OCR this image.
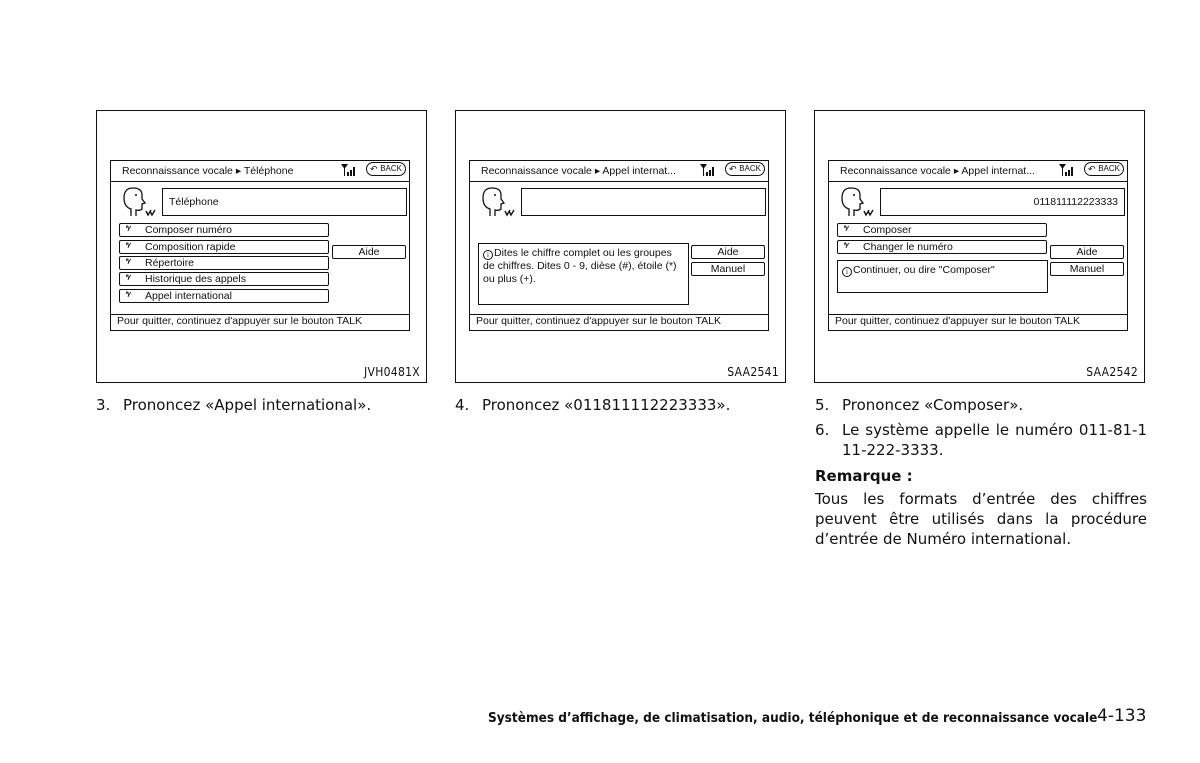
Reconnaissance vocale ▸ Téléphone	↶ BACK
Téléphone
‘ᵞ Composer numéro
‘ᵞ Composition rapide
‘ᵞ Répertoire
‘ᵞ Historique des appels
‘ᵞ Appel international
Aide
Pour quitter, continuez d'appuyer sur le bouton TALK
JVH0481X
Reconnaissance vocale ▸ Appel internat...	↶ BACK
i Dites le chiffre complet ou les groupes de chiffres. Dites 0 - 9, dièse (#), étoile (*) ou plus (+).
Aide
Manuel
Pour quitter, continuez d'appuyer sur le bouton TALK
SAA2541
Reconnaissance vocale ▸ Appel internat...	↶ BACK
011811112223333
‘ᵞ Composer
‘ᵞ Changer le numéro
i Continuer, ou dire "Composer"
Aide
Manuel
Pour quitter, continuez d'appuyer sur le bouton TALK
SAA2542
3. Prononcez «Appel international».	4. Prononcez «011811112223333».	5. Prononcez «Composer».
6. Le système appelle le numéro 011-81-111-222-3333.
Remarque :
Tous les formats d’entrée des chiffres peuvent être utilisés dans la procédure d’entrée de Numéro international.
Systèmes d’affichage, de climatisation, audio, téléphonique et de reconnaissance vocale 4-133
